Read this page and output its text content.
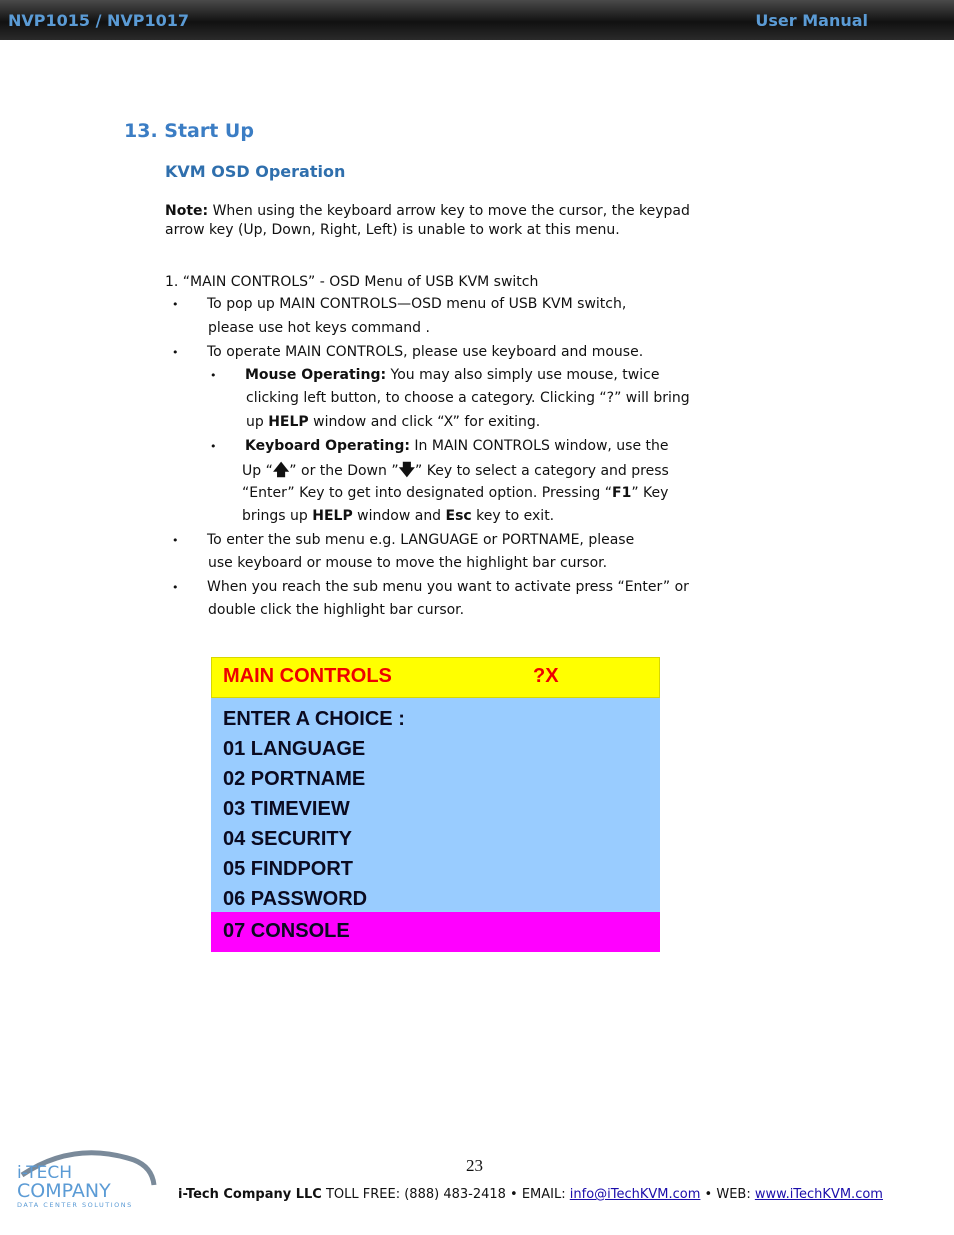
NVP1015 / NVP1017	User Manual
13. Start Up
KVM OSD Operation
Note: When using the keyboard arrow key to move the cursor, the keypad
arrow key (Up, Down, Right, Left) is unable to work at this menu.
1. “MAIN CONTROLS” - OSD Menu of USB KVM switch
• To pop up MAIN CONTROLS—OSD menu of USB KVM switch,
please use hot keys command .
• To operate MAIN CONTROLS, please use keyboard and mouse.
• Mouse Operating: You may also simply use mouse, twice
clicking left button, to choose a category. Clicking “?” will bring
up HELP window and click “X” for exiting.
• Keyboard Operating: In MAIN CONTROLS window, use the
Up “🡅” or the Down ”🡇” Key to select a category and press
“Enter” Key to get into designated option. Pressing “F1” Key
brings up HELP window and Esc key to exit.
• To enter the sub menu e.g. LANGUAGE or PORTNAME, please
use keyboard or mouse to move the highlight bar cursor.
• When you reach the sub menu you want to activate press “Enter” or
double click the highlight bar cursor.
MAIN CONTROLS	?X
ENTER A CHOICE :
01 LANGUAGE
02 PORTNAME
03 TIMEVIEW
04 SECURITY
05 FINDPORT
06 PASSWORD
07 CONSOLE
23
i-TECH
COMPANY
DATA CENTER SOLUTIONS
i-Tech Company LLC TOLL FREE: (888) 483-2418 • EMAIL: info@iTechKVM.com • WEB: www.iTechKVM.com
